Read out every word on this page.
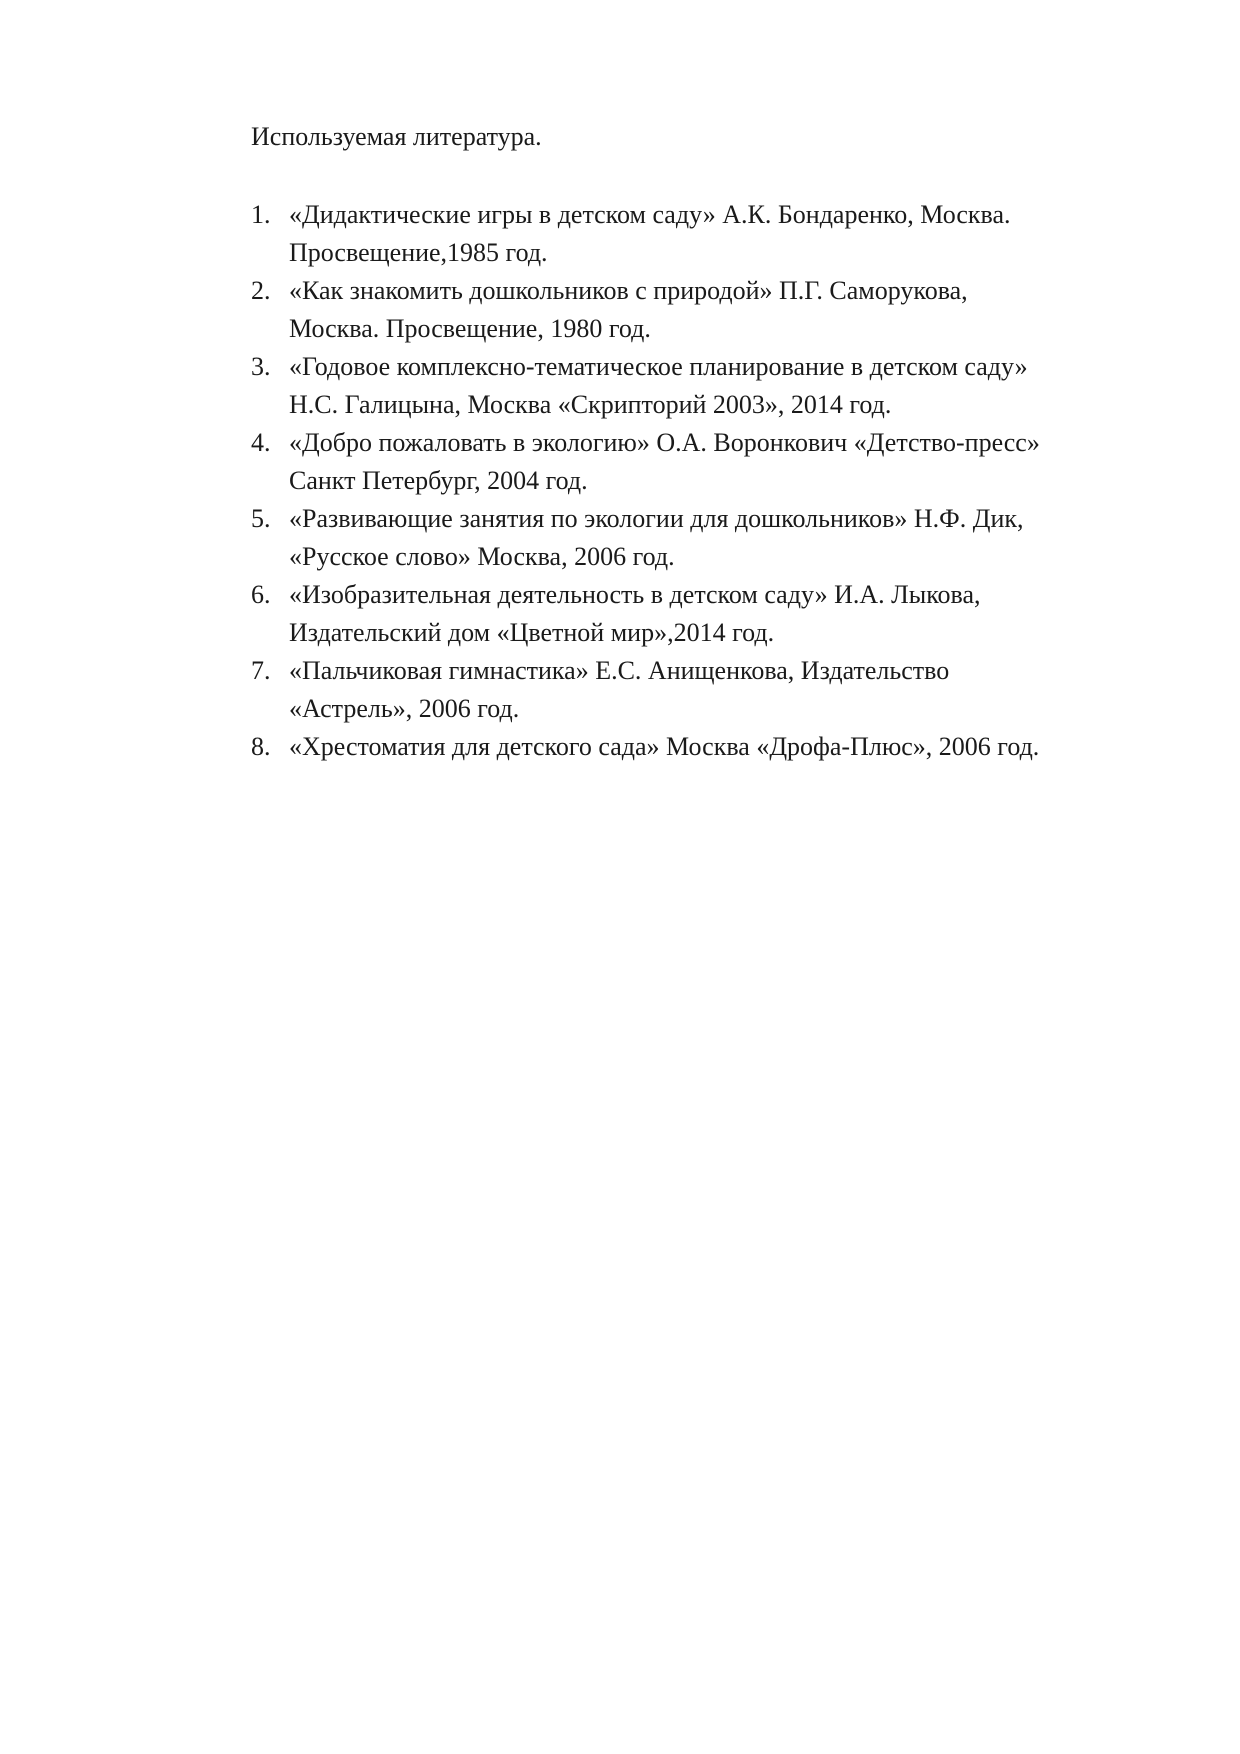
Используемая литература.

1. «Дидактические игры в детском саду» А.К. Бондаренко, Москва.
Просвещение,1985 год.
2. «Как знакомить дошкольников с природой» П.Г. Саморукова,
Москва. Просвещение, 1980 год.
3. «Годовое комплексно-тематическое планирование в детском саду»
Н.С. Галицына, Москва «Скрипторий 2003», 2014 год.
4. «Добро пожаловать в экологию» О.А. Воронкович «Детство-пресс»
Санкт Петербург, 2004 год.
5. «Развивающие занятия по экологии для дошкольников» Н.Ф. Дик,
«Русское слово» Москва, 2006 год.
6. «Изобразительная деятельность в детском саду» И.А. Лыкова,
Издательский дом «Цветной мир»,2014 год.
7. «Пальчиковая гимнастика» Е.С. Анищенкова, Издательство
«Астрель», 2006 год.
8. «Хрестоматия для детского сада» Москва «Дрофа-Плюс», 2006 год.
